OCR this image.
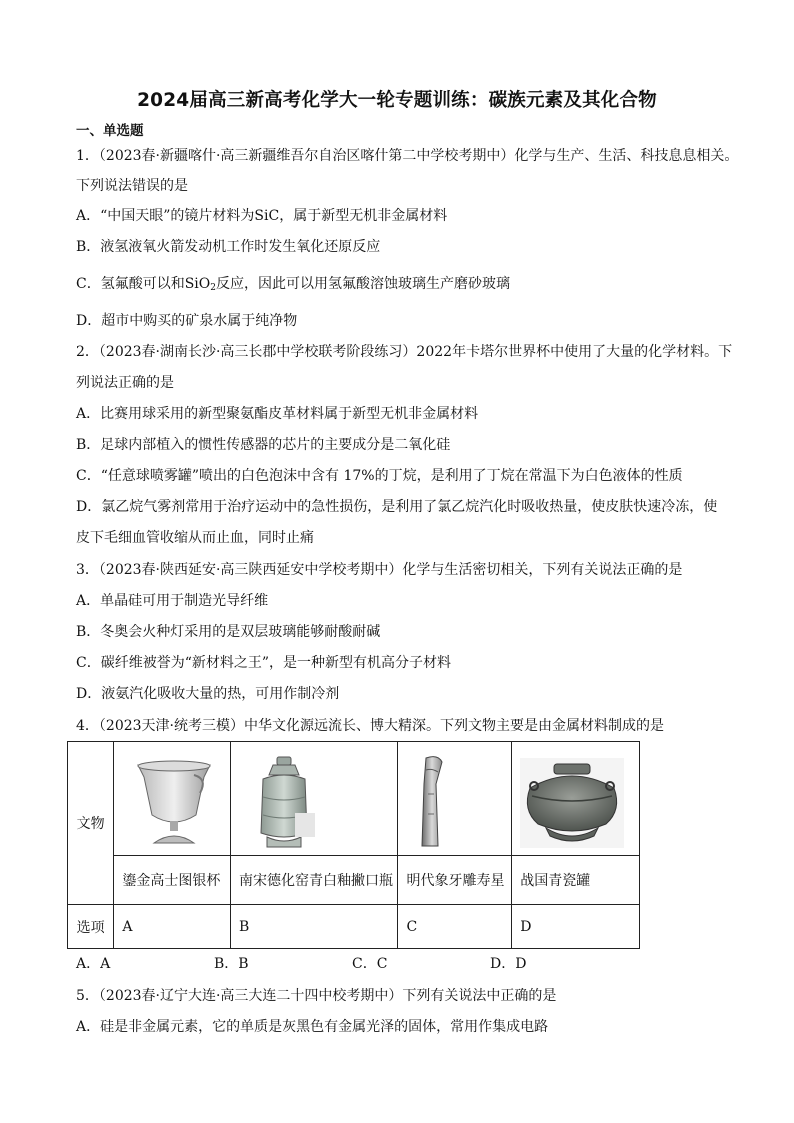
2024届高三新高考化学大一轮专题训练：碳族元素及其化合物
一、单选题
1．（2023春·新疆喀什·高三新疆维吾尔自治区喀什第二中学校考期中）化学与生产、生活、科技息息相关。
下列说法错误的是
A．“中国天眼”的镜片材料为SiC，属于新型无机非金属材料
B．液氢液氧火箭发动机工作时发生氧化还原反应
C．氢氟酸可以和SiO$_2$反应，因此可以用氢氟酸溶蚀玻璃生产磨砂玻璃
D．超市中购买的矿泉水属于纯净物
2．（2023春·湖南长沙·高三长郡中学校联考阶段练习）2022年卡塔尔世界杯中使用了大量的化学材料。下
列说法正确的是
A．比赛用球采用的新型聚氨酯皮革材料属于新型无机非金属材料
B．足球内部植入的惯性传感器的芯片的主要成分是二氧化硅
C．“任意球喷雾罐”喷出的白色泡沫中含有 17%的丁烷，是利用了丁烷在常温下为白色液体的性质
D．氯乙烷气雾剂常用于治疗运动中的急性损伤，是利用了氯乙烷汽化时吸收热量，使皮肤快速冷冻，使
皮下毛细血管收缩从而止血，同时止痛
3．（2023春·陕西延安·高三陕西延安中学校考期中）化学与生活密切相关，下列有关说法正确的是
A．单晶硅可用于制造光导纤维
B．冬奥会火种灯采用的是双层玻璃能够耐酸耐碱
C．碳纤维被誉为“新材料之王”，是一种新型有机高分子材料
D．液氨汽化吸收大量的热，可用作制冷剂
4．（2023天津·统考三模）中华文化源远流长、博大精深。下列文物主要是由金属材料制成的是
文物	

	鎏金高士图银杯	南宋德化窑青白釉撇口瓶	明代象牙雕寿星	战国青瓷罐
选项	A	B	C	D
A．A	B．B	C．C	D．D
5．（2023春·辽宁大连·高三大连二十四中校考期中）下列有关说法中正确的是
A．硅是非金属元素，它的单质是灰黑色有金属光泽的固体，常用作集成电路
